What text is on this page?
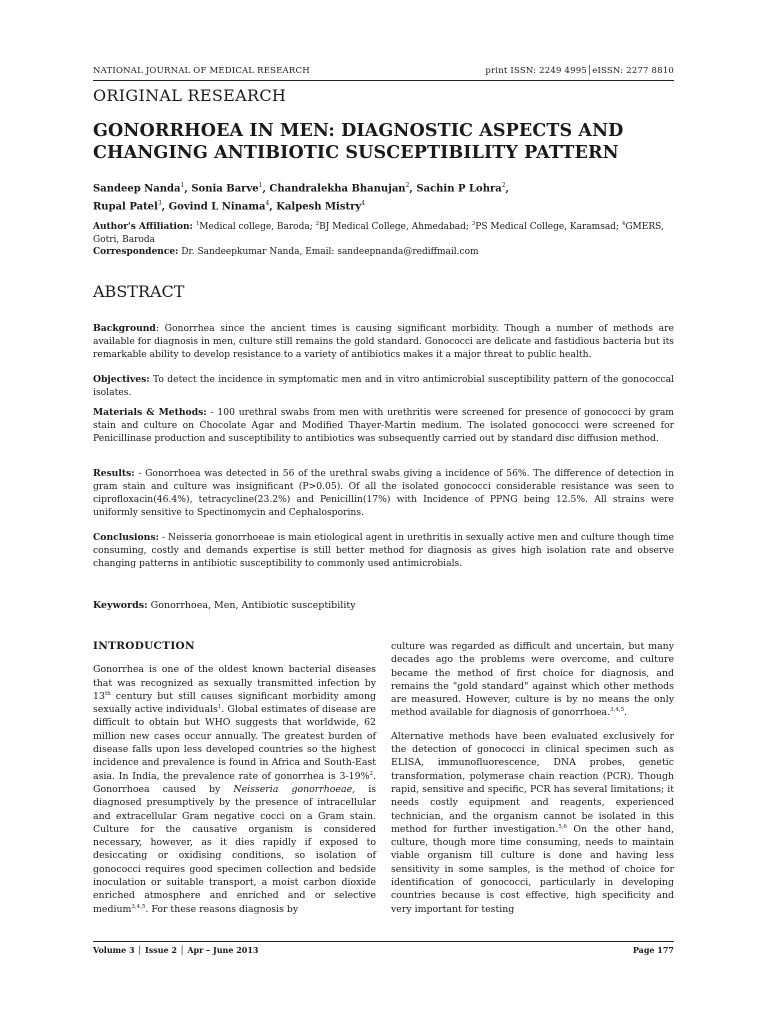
NATIONAL JOURNAL OF MEDICAL RESEARCH	print ISSN: 2249 4995│eISSN: 2277 8810
ORIGINAL RESEARCH
GONORRHOEA IN MEN: DIAGNOSTIC ASPECTS AND
CHANGING ANTIBIOTIC SUSCEPTIBILITY PATTERN
Sandeep Nanda$^1$, Sonia Barve$^1$, Chandralekha Bhanujan$^2$, Sachin P Lohra$^2$,
Rupal Patel$^3$, Govind L Ninama$^4$, Kalpesh Mistry$^4$
Author's Affiliation: $^1$Medical college, Baroda; $^2$BJ Medical College, Ahmedabad; $^3$PS Medical College, Karamsad; $^4$GMERS,
Gotri, Baroda
Correspondence: Dr. Sandeepkumar Nanda, Email: sandeepnanda@rediffmail.com
ABSTRACT

Background: Gonorrhea since the ancient times is causing significant morbidity. Though a number of methods are available for diagnosis in men, culture still remains the gold standard. Gonococci are delicate and fastidious bacteria but its remarkable ability to develop resistance to a variety of antibiotics makes it a major threat to public health.

Objectives: To detect the incidence in symptomatic men and in vitro antimicrobial susceptibility pattern of the gonococcal isolates.

Materials & Methods: - 100 urethral swabs from men with urethritis were screened for presence of gonococci by gram stain and culture on Chocolate Agar and Modified Thayer-Martin medium. The isolated gonococci were screened for Penicillinase production and susceptibility to antibiotics was subsequently carried out by standard disc diffusion method.

Results: - Gonorrhoea was detected in 56 of the urethral swabs giving a incidence of 56%. The difference of detection in gram stain and culture was insignificant (P>0.05). Of all the isolated gonococci considerable resistance was seen to ciprofloxacin(46.4%), tetracycline(23.2%) and Penicillin(17%) with Incidence of PPNG being 12.5%. All strains were uniformly sensitive to Spectinomycin and Cephalosporins.

Conclusions: - Neisseria gonorrhoeae is main etiological agent in urethritis in sexually active men and culture though time consuming, costly and demands expertise is still better method for diagnosis as gives high isolation rate and observe changing patterns in antibiotic susceptibility to commonly used antimicrobials.

Keywords: Gonorrhoea, Men, Antibiotic susceptibility
INTRODUCTION

Gonorrhea is one of the oldest known bacterial diseases that was recognized as sexually transmitted infection by 13th century but still causes significant morbidity among sexually active individuals$^1$. Global estimates of disease are difficult to obtain but WHO suggests that worldwide, 62 million new cases occur annually. The greatest burden of disease falls upon less developed countries so the highest incidence and prevalence is found in Africa and South-East asia. In India, the prevalence rate of gonorrhea is 3-19%$^2$. Gonorrhoea caused by Neisseria gonorrhoeae, is diagnosed presumptively by the presence of intracellular and extracellular Gram negative cocci on a Gram stain. Culture for the causative organism is considered necessary, however, as it dies rapidly if exposed to desiccating or oxidising conditions, so isolation of gonococci requires good specimen collection and bedside inoculation or suitable transport, a moist carbon dioxide enriched atmosphere and enriched and or selective medium$^{3,4,5}$. For these reasons diagnosis by

culture was regarded as difficult and uncertain, but many decades ago the problems were overcome, and culture became the method of first choice for diagnosis, and remains the "gold standard" against which other methods are measured. However, culture is by no means the only method available for diagnosis of gonorrhoea.$^{3,4,5}$.

Alternative methods have been evaluated exclusively for the detection of gonococci in clinical specimen such as ELISA, immunofluorescence, DNA probes, genetic transformation, polymerase chain reaction (PCR). Though rapid, sensitive and specific, PCR has several limitations; it needs costly equipment and reagents, experienced technician, and the organism cannot be isolated in this method for further investigation.$^{5,6}$ On the other hand, culture, though more time consuming, needs to maintain viable organism till culture is done and having less sensitivity in some samples, is the method of choice for identification of gonococci, particularly in developing countries because is cost effective, high specificity and very important for testing

Volume 3 │ Issue 2 │ Apr – June 2013	Page 177
